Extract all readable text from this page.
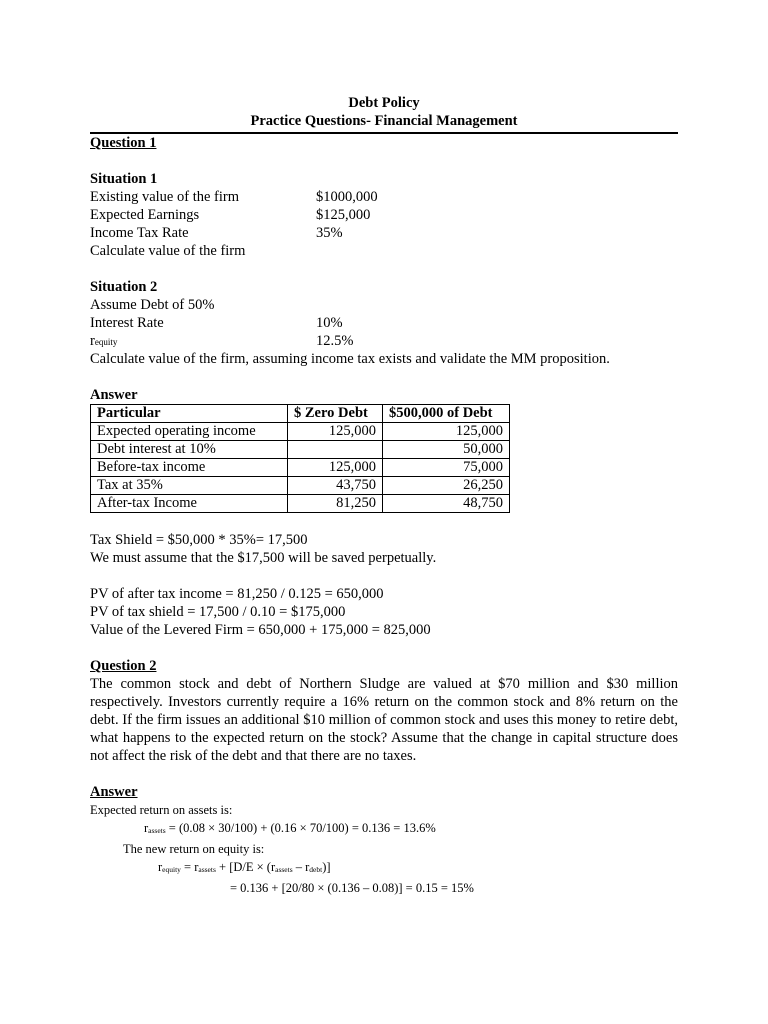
Debt Policy
Practice Questions- Financial Management
Question 1
Situation 1
Existing value of the firm	$1000,000
Expected Earnings	$125,000
Income Tax Rate	35%
Calculate value of the firm
Situation 2
Assume Debt of 50%
Interest Rate	10%
requity	12.5%
Calculate value of the firm, assuming income tax exists and validate the MM proposition.
Answer
Particular	$ Zero Debt	$500,000 of Debt
Expected operating income	125,000	125,000
Debt interest at 10%		50,000
Before-tax income	125,000	75,000
Tax at 35%	43,750	26,250
After-tax Income	81,250	48,750
Tax Shield = $50,000 * 35%= 17,500
We must assume that the $17,500 will be saved perpetually.
PV of after tax income = 81,250 / 0.125 = 650,000
PV of tax shield = 17,500 / 0.10 = $175,000
Value of the Levered Firm = 650,000 + 175,000 = 825,000
Question 2
The common stock and debt of Northern Sludge are valued at $70 million and $30 million respectively. Investors currently require a 16% return on the common stock and 8% return on the debt. If the firm issues an additional $10 million of common stock and uses this money to retire debt, what happens to the expected return on the stock? Assume that the change in capital structure does not affect the risk of the debt and that there are no taxes.
Answer
Expected return on assets is:
rassets = (0.08 × 30/100) + (0.16 × 70/100) = 0.136 = 13.6%
The new return on equity is:
requity = rassets + [D/E × (rassets – rdebt)]
= 0.136 + [20/80 × (0.136 – 0.08)] = 0.15 = 15%
